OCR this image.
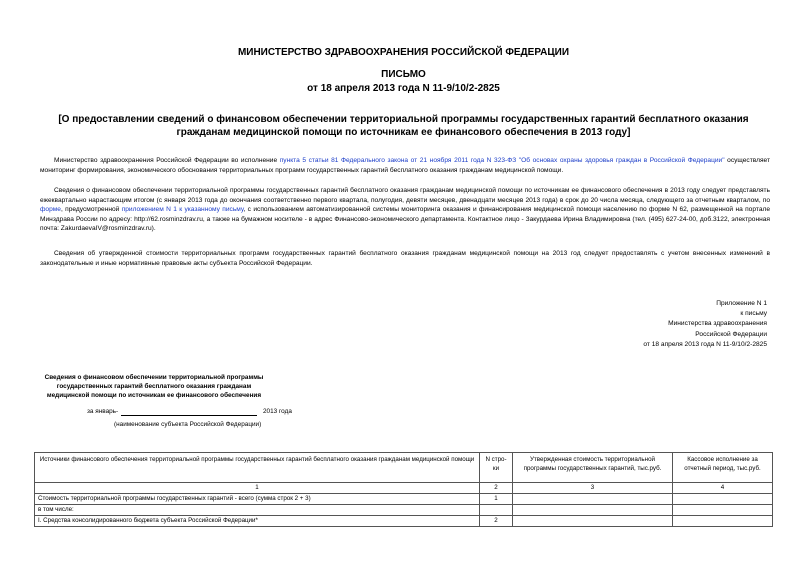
МИНИСТЕРСТВО ЗДРАВООХРАНЕНИЯ РОССИЙСКОЙ ФЕДЕРАЦИИ
ПИСЬМО
от 18 апреля 2013 года N 11-9/10/2-2825
[О предоставлении сведений о финансовом обеспечении территориальной программы государственных гарантий бесплатного оказания гражданам медицинской помощи по источникам ее финансового обеспечения в 2013 году]
Министерство здравоохранения Российской Федерации во исполнение пункта 5 статьи 81 Федерального закона от 21 ноября 2011 года N 323-ФЗ "Об основах охраны здоровья граждан в Российской Федерации" осуществляет мониторинг формирования, экономического обоснования территориальных программ государственных гарантий бесплатного оказания гражданам медицинской помощи.
Сведения о финансовом обеспечении территориальной программы государственных гарантий бесплатного оказания гражданам медицинской помощи по источникам ее финансового обеспечения в 2013 году следует представлять ежеквартально нарастающим итогом (с января 2013 года до окончания соответственно первого квартала, полугодия, девяти месяцев, двенадцати месяцев 2013 года) в срок до 20 числа месяца, следующего за отчетным кварталом, по форме, предусмотренной приложением N 1 к указанному письму, с использованием автоматизированной системы мониторинга оказания и финансирования медицинской помощи населению по форме N 62, размещенной на портале Минздрава России по адресу: http://62.rosminzdrav.ru, а также на бумажном носителе - в адрес Финансово-экономического департамента. Контактное лицо - Закурдаева Ирина Владимировна (тел. (495) 627-24-00, доб.3122, электронная почта: ZakurdaevaIV@rosminzdrav.ru).
Сведения об утвержденной стоимости территориальных программ государственных гарантий бесплатного оказания гражданам медицинской помощи на 2013 год следует предоставлять с учетом внесенных изменений в законодательные и иные нормативные правовые акты субъекта Российской Федерации.
Приложение N 1
к письму
Министерства здравоохранения
Российской Федерации
от 18 апреля 2013 года N 11-9/10/2-2825
Сведения о финансовом обеспечении территориальной программы государственных гарантий бесплатного оказания гражданам медицинской помощи по источникам ее финансового обеспечения
за январь-	2013 года
(наименование субъекта Российской Федерации)
Источники финансового обеспечения территориальной программы государственных гарантий бесплатного оказания гражданам медицинской помощи	N стро-ки	Утвержденная стоимость территориальной программы государственных гарантий, тыс.руб.	Кассовое исполнение за отчетный период, тыс.руб.
1	2	3	4
Стоимость территориальной программы государственных гарантий - всего (сумма строк 2 + 3)	1		
в том числе:			
I. Средства консолидированного бюджета субъекта Российской Федерации*	2		
